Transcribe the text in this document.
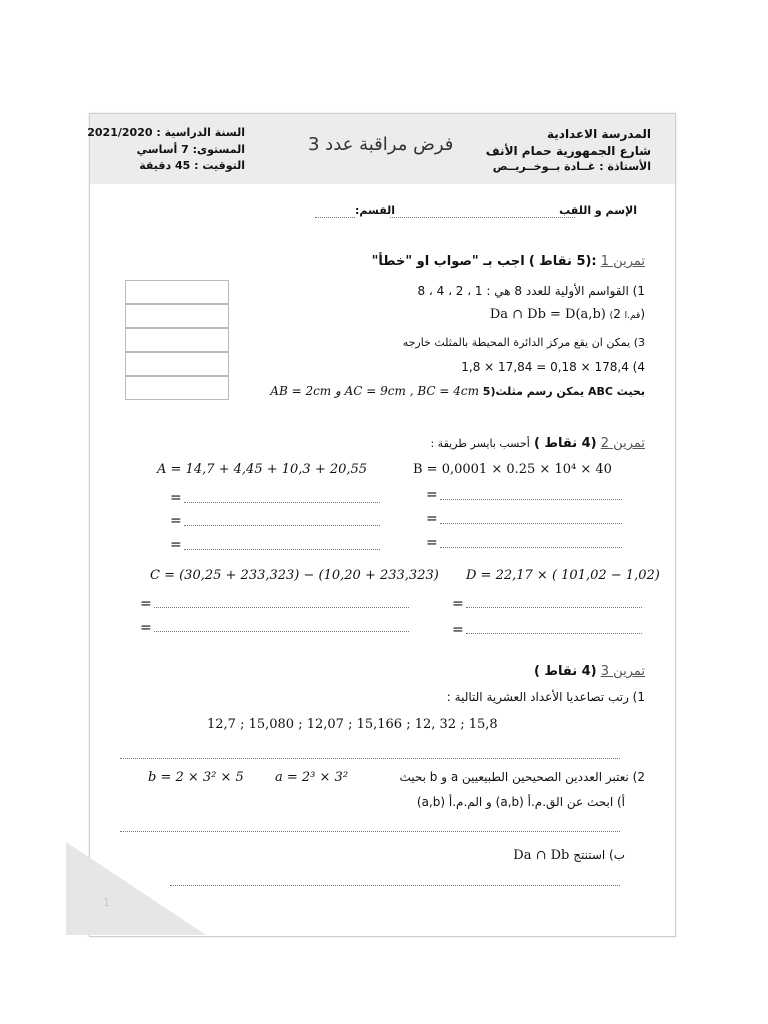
المدرسة الاعدادية
شارع الجمهورية حمام الأنف
الأستاذة : غــادة بــوخــريــص
فرض مراقبة عدد 3
السنة الدراسية : 2021/2020
المستوى: 7 أساسي
التوقيت : 45 دقيقة
الإسم و اللقب
القسم:
تمرين 1 :(5 نقاط ) اجب بـ "صواب او "خطأ"
1) القواسم الأولية للعدد 8 هي : 1 ، 2 ، 4 ، 8
Da ∩ Db = D(a,b) (قم.ا 2)
3) يمكن ان يقع مركز الدائرة المحيطة بالمثلث خارجه
4) 178,4 × 0,18 = 17,84 × 1,8
AB = 2cm و AC = 9cm , BC = 4cm 5)يمكن رسم مثلث ABC بحيث
تمرين 2 (4 نقاط ) أحسب بايسر طريقة :
A = 14,7 + 4,45 + 10,3 + 20,55	B = 0,0001 × 0.25 × 10⁴ × 40
=
=
=
=
=
=
C = (30,25 + 233,323) − (10,20 + 233,323) D = 22,17 × ( 101,02 − 1,02)
=
=
=
=
تمرين 3 (4 نقاط )
1) رتب تصاعديا الأعداد العشرية التالية :
12,7 ; 15,080 ; 12,07 ; 15,166 ; 12, 32 ; 15,8
2) نعتبر العددين الصحيحين الطبيعيين a و b بحيث
b = 2 × 3² × 5 a = 2³ × 3²
أ) ابحث عن الق.م.أ (a,b) و الم.م.أ (a,b)
Da ∩ Db ب) استنتج
1
